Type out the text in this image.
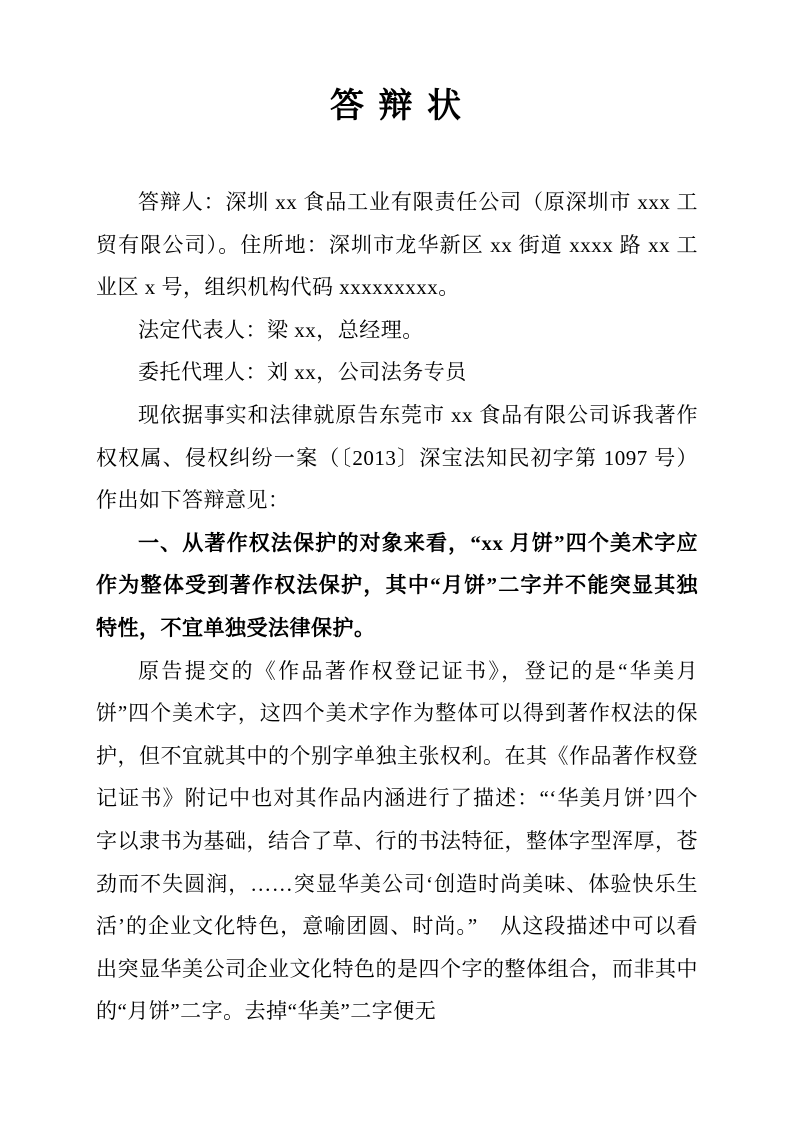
答 辩 状

答辩人：深圳 xx 食品工业有限责任公司（原深圳市 xxx 工贸有限公司）。住所地：深圳市龙华新区 xx 街道 xxxx 路 xx 工业区 x 号，组织机构代码 xxxxxxxxx。

法定代表人：梁 xx，总经理。

委托代理人：刘 xx，公司法务专员

现依据事实和法律就原告东莞市 xx 食品有限公司诉我著作权权属、侵权纠纷一案（〔2013〕深宝法知民初字第 1097 号）作出如下答辩意见：

一、从著作权法保护的对象来看，“xx 月饼”四个美术字应作为整体受到著作权法保护，其中“月饼”二字并不能突显其独特性，不宜单独受法律保护。

原告提交的《作品著作权登记证书》，登记的是“华美月饼”四个美术字，这四个美术字作为整体可以得到著作权法的保护，但不宜就其中的个别字单独主张权利。在其《作品著作权登记证书》附记中也对其作品内涵进行了描述：“‘华美月饼’四个字以隶书为基础，结合了草、行的书法特征，整体字型浑厚，苍劲而不失圆润，……突显华美公司‘创造时尚美味、体验快乐生活’的企业文化特色，意喻团圆、时尚。”　从这段描述中可以看出突显华美公司企业文化特色的是四个字的整体组合，而非其中的“月饼”二字。去掉“华美”二字便无
